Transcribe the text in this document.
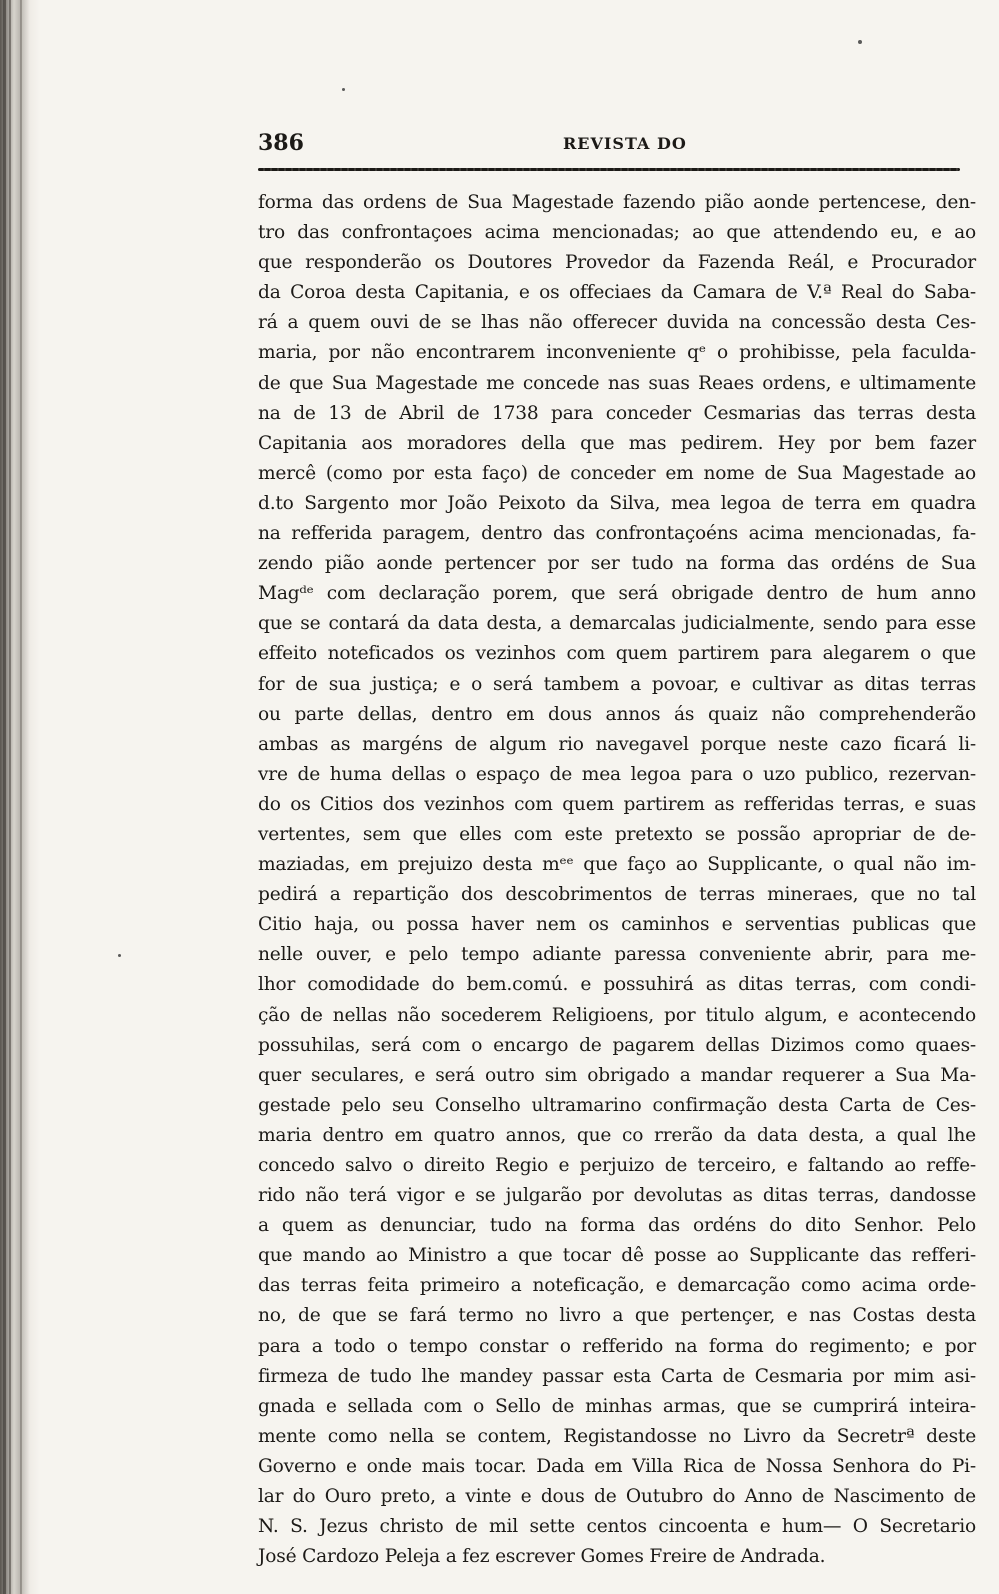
386	REVISTA DO
forma das ordens de Sua Magestade fazendo pião aonde pertencese, den-
tro das confrontaçoes acima mencionadas; ao que attendendo eu, e ao
que responderão os Doutores Provedor da Fazenda Reál, e Procurador
da Coroa desta Capitania, e os offeciaes da Camara de V.ª Real do Saba-
rá a quem ouvi de se lhas não offerecer duvida na concessão desta Ces-
maria, por não encontrarem inconveniente qᵉ o prohibisse, pela faculda-
de que Sua Magestade me concede nas suas Reaes ordens, e ultimamente
na de 13 de Abril de 1738 para conceder Cesmarias das terras desta
Capitania aos moradores della que mas pedirem. Hey por bem fazer
mercê (como por esta faço) de conceder em nome de Sua Magestade ao
d.to Sargento mor João Peixoto da Silva, mea legoa de terra em quadra
na refferida paragem, dentro das confrontaçoéns acima mencionadas, fa-
zendo pião aonde pertencer por ser tudo na forma das ordéns de Sua
Magᵈᵉ com declaração porem, que será obrigade dentro de hum anno
que se contará da data desta, a demarcalas judicialmente, sendo para esse
effeito noteficados os vezinhos com quem partirem para alegarem o que
for de sua justiça; e o será tambem a povoar, e cultivar as ditas terras
ou parte dellas, dentro em dous annos ás quaiz não comprehenderão
ambas as margéns de algum rio navegavel porque neste cazo ficará li-
vre de huma dellas o espaço de mea legoa para o uzo publico, rezervan-
do os Citios dos vezinhos com quem partirem as refferidas terras, e suas
vertentes, sem que elles com este pretexto se possão apropriar de de-
maziadas, em prejuizo desta mᵉᵉ que faço ao Supplicante, o qual não im-
pedirá a repartição dos descobrimentos de terras mineraes, que no tal
Citio haja, ou possa haver nem os caminhos e serventias publicas que
nelle ouver, e pelo tempo adiante paressa conveniente abrir, para me-
lhor comodidade do bem.comú. e possuhirá as ditas terras, com condi-
ção de nellas não socederem Religioens, por titulo algum, e acontecendo
possuhilas, será com o encargo de pagarem dellas Dizimos como quaes-
quer seculares, e será outro sim obrigado a mandar requerer a Sua Ma-
gestade pelo seu Conselho ultramarino confirmação desta Carta de Ces-
maria dentro em quatro annos, que co rrerão da data desta, a qual lhe
concedo salvo o direito Regio e perjuizo de terceiro, e faltando ao reffe-
rido não terá vigor e se julgarão por devolutas as ditas terras, dandosse
a quem as denunciar, tudo na forma das ordéns do dito Senhor. Pelo
que mando ao Ministro a que tocar dê posse ao Supplicante das refferi-
das terras feita primeiro a noteficação, e demarcação como acima orde-
no, de que se fará termo no livro a que pertençer, e nas Costas desta
para a todo o tempo constar o refferido na forma do regimento; e por
firmeza de tudo lhe mandey passar esta Carta de Cesmaria por mim asi-
gnada e sellada com o Sello de minhas armas, que se cumprirá inteira-
mente como nella se contem, Registandosse no Livro da Secretrª deste
Governo e onde mais tocar. Dada em Villa Rica de Nossa Senhora do Pi-
lar do Ouro preto, a vinte e dous de Outubro do Anno de Nascimento de
N. S. Jezus christo de mil sette centos cincoenta e hum— O Secretario
José Cardozo Peleja a fez escrever Gomes Freire de Andrada.
